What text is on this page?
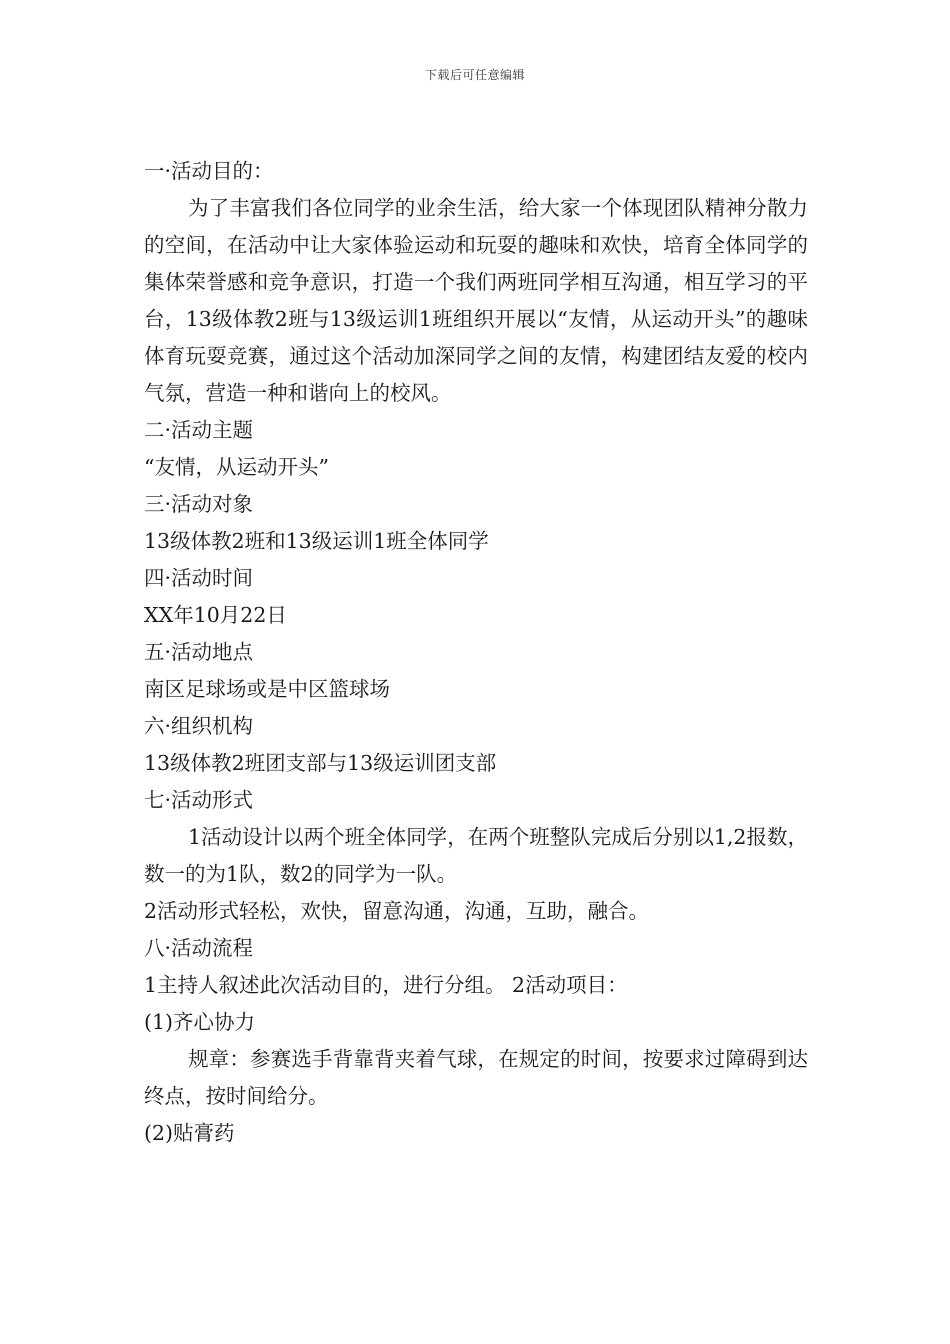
下载后可任意编辑

一·活动目的：

为了丰富我们各位同学的业余生活，给大家一个体现团队精神分散力的空间，在活动中让大家体验运动和玩耍的趣味和欢快，培育全体同学的集体荣誉感和竞争意识，打造一个我们两班同学相互沟通，相互学习的平台，13级体教2班与13级运训1班组织开展以“友情，从运动开头”的趣味体育玩耍竞赛，通过这个活动加深同学之间的友情，构建团结友爱的校内气氛，营造一种和谐向上的校风。

二·活动主题

“友情，从运动开头”

三·活动对象

13级体教2班和13级运训1班全体同学

四·活动时间

XX年10月22日

五·活动地点

南区足球场或是中区篮球场

六·组织机构

13级体教2班团支部与13级运训团支部

七·活动形式

1活动设计以两个班全体同学，在两个班整队完成后分别以1,2报数，数一的为1队，数2的同学为一队。

2活动形式轻松，欢快，留意沟通，沟通，互助，融合。

八·活动流程

1主持人叙述此次活动目的，进行分组。 2活动项目：

(1)齐心协力

规章：参赛选手背靠背夹着气球，在规定的时间，按要求过障碍到达终点，按时间给分。

(2)贴膏药
